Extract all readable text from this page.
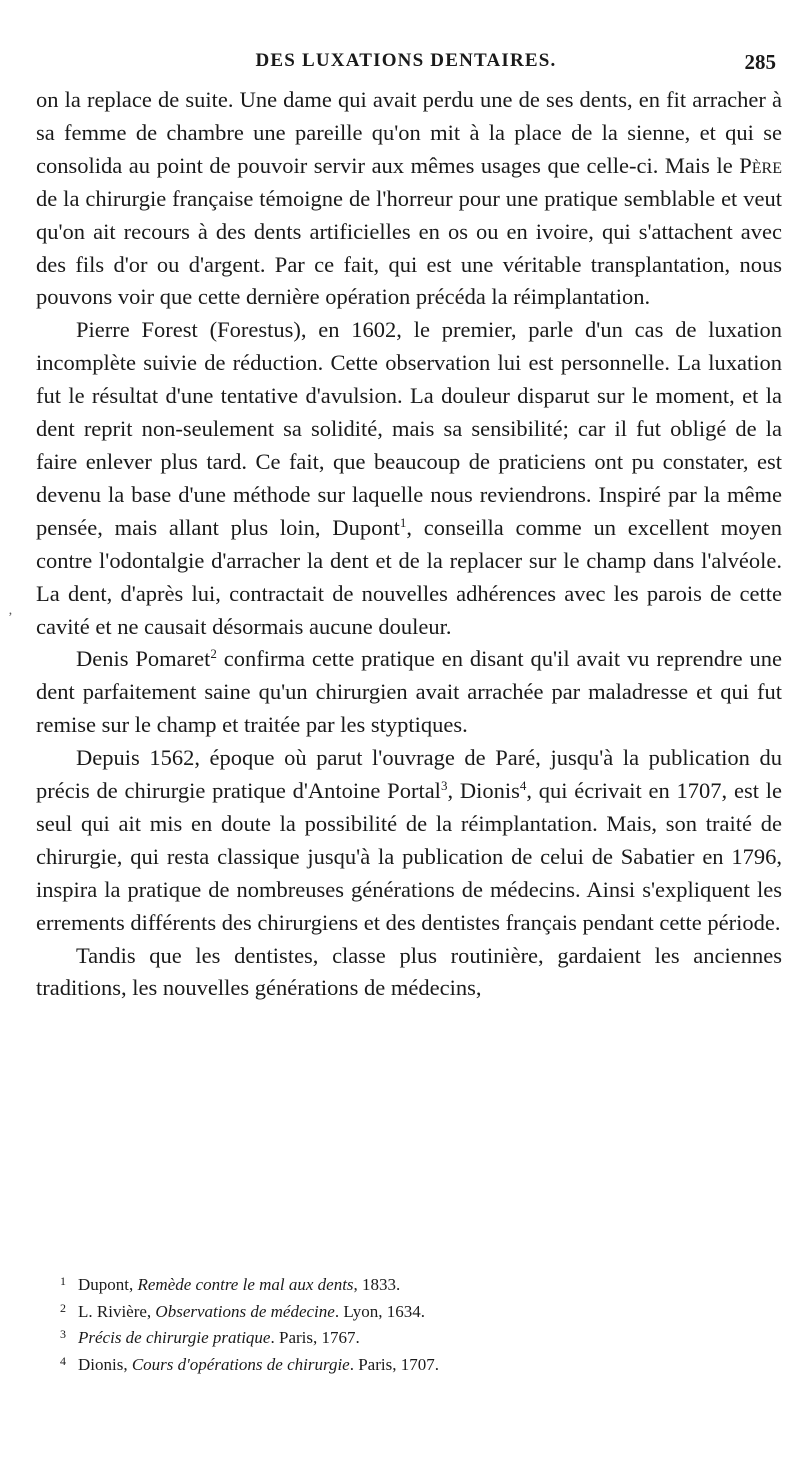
DES LUXATIONS DENTAIRES.	285
‚

on la replace de suite. Une dame qui avait perdu une de ses dents, en fit arracher à sa femme de chambre une pareille qu'on mit à la place de la sienne, et qui se consolida au point de pouvoir servir aux mêmes usages que celle-ci. Mais le Père de la chirurgie française témoigne de l'horreur pour une pratique semblable et veut qu'on ait recours à des dents artificielles en os ou en ivoire, qui s'attachent avec des fils d'or ou d'argent. Par ce fait, qui est une véritable transplantation, nous pouvons voir que cette dernière opération précéda la réimplantation.

Pierre Forest (Forestus), en 1602, le premier, parle d'un cas de luxation incomplète suivie de réduction. Cette observation lui est personnelle. La luxation fut le résultat d'une tentative d'avulsion. La douleur disparut sur le moment, et la dent reprit non-seulement sa solidité, mais sa sensibilité; car il fut obligé de la faire enlever plus tard. Ce fait, que beaucoup de praticiens ont pu constater, est devenu la base d'une méthode sur laquelle nous reviendrons. Inspiré par la même pensée, mais allant plus loin, Dupont$^1$, conseilla comme un excellent moyen contre l'odontalgie d'arracher la dent et de la replacer sur le champ dans l'alvéole. La dent, d'après lui, contractait de nouvelles adhérences avec les parois de cette cavité et ne causait désormais aucune douleur.

Denis Pomaret$^2$ confirma cette pratique en disant qu'il avait vu reprendre une dent parfaitement saine qu'un chirurgien avait arrachée par maladresse et qui fut remise sur le champ et traitée par les styptiques.

Depuis 1562, époque où parut l'ouvrage de Paré, jusqu'à la publication du précis de chirurgie pratique d'Antoine Portal$^3$, Dionis$^4$, qui écrivait en 1707, est le seul qui ait mis en doute la possibilité de la réimplantation. Mais, son traité de chirurgie, qui resta classique jusqu'à la publication de celui de Sabatier en 1796, inspira la pratique de nombreuses générations de médecins. Ainsi s'expliquent les errements différents des chirurgiens et des dentistes français pendant cette période.

Tandis que les dentistes, classe plus routinière, gardaient les anciennes traditions, les nouvelles générations de médecins,

1 Dupont, Remède contre le mal aux dents, 1833.

2 L. Rivière, Observations de médecine. Lyon, 1634.

3 Précis de chirurgie pratique. Paris, 1767.

4 Dionis, Cours d'opérations de chirurgie. Paris, 1707.
